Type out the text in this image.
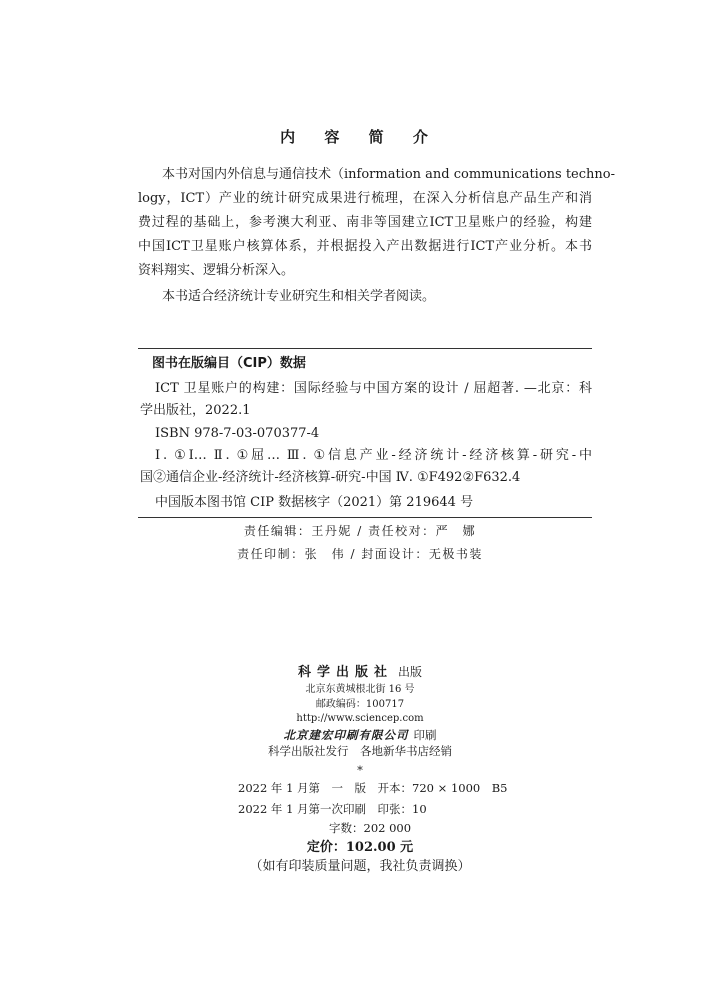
内 容 简 介
本书对国内外信息与通信技术（information and communications techno-
logy，ICT）产业的统计研究成果进行梳理，在深入分析信息产品生产和消
费过程的基础上，参考澳大利亚、南非等国建立ICT卫星账户的经验，构建
中国ICT卫星账户核算体系，并根据投入产出数据进行ICT产业分析。本书
资料翔实、逻辑分析深入。
本书适合经济统计专业研究生和相关学者阅读。
图书在版编目（CIP）数据
ICT 卫星账户的构建：国际经验与中国方案的设计 / 屈超著. —北京：科
学出版社，2022.1
ISBN 978-7-03-070377-4
Ⅰ. ①I… Ⅱ. ①屈… Ⅲ. ①信息产业-经济统计-经济核算-研究-中
国②通信企业-经济统计-经济核算-研究-中国 Ⅳ. ①F492②F632.4
中国版本图书馆 CIP 数据核字（2021）第 219644 号
责任编辑：王丹妮 / 责任校对：严　娜
责任印制：张　伟 / 封面设计：无极书装
科学出版社 出版
北京东黄城根北街 16 号
邮政编码：100717
http://www.sciencep.com
北京建宏印刷有限公司 印刷
科学出版社发行　各地新华书店经销
*
2022 年 1 月第　一　版　开本：720 × 1000　B5
2022 年 1 月第一次印刷　印张：10
字数：202 000
定价：102.00 元
（如有印装质量问题，我社负责调换）
